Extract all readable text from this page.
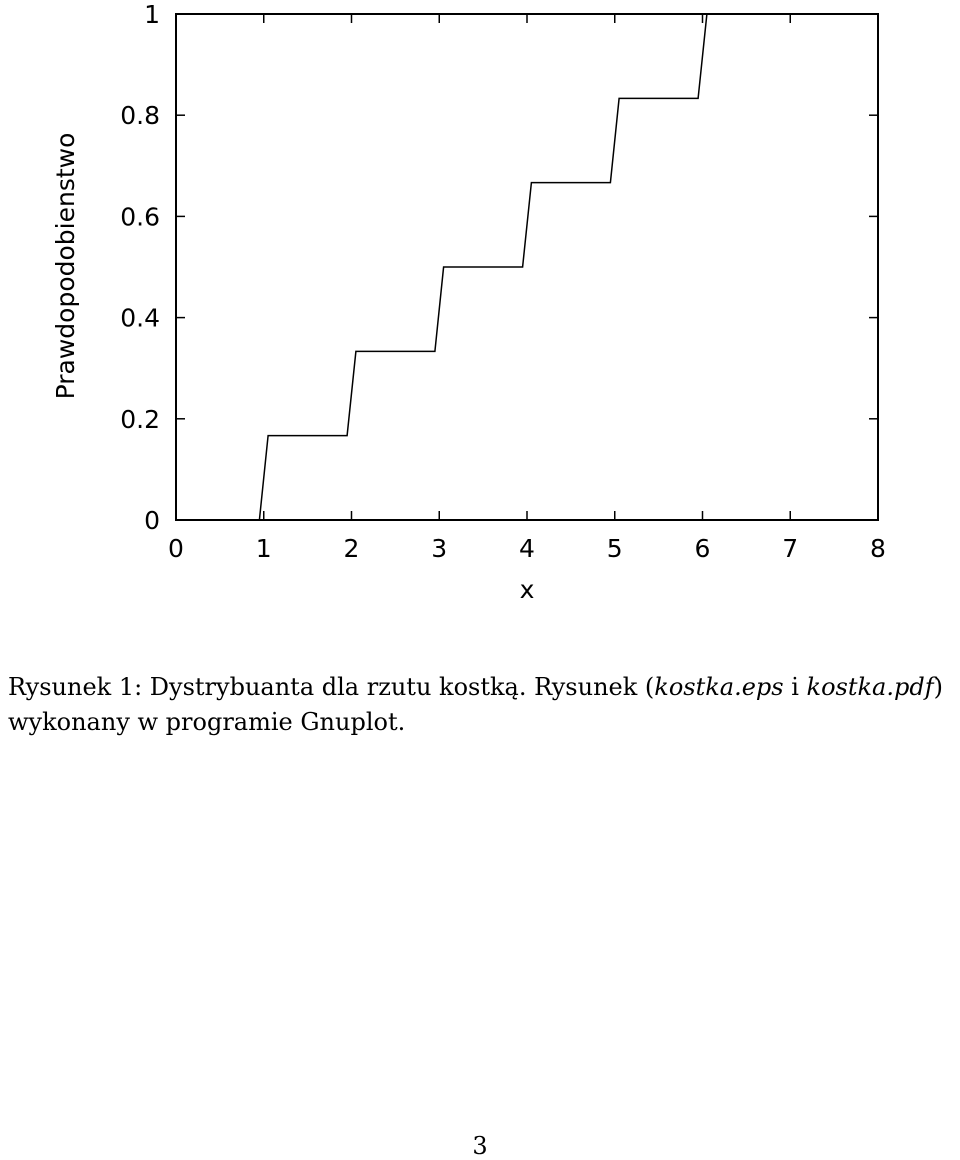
0	1	2	3	4	5	6	7	8
0
0.2
0.4
0.6
0.8
1
x
Prawdopodobienstwo
Rysunek 1: Dystrybuanta dla rzutu kostką. Rysunek (kostka.eps i kostka.pdf)
wykonany w programie Gnuplot.
3
